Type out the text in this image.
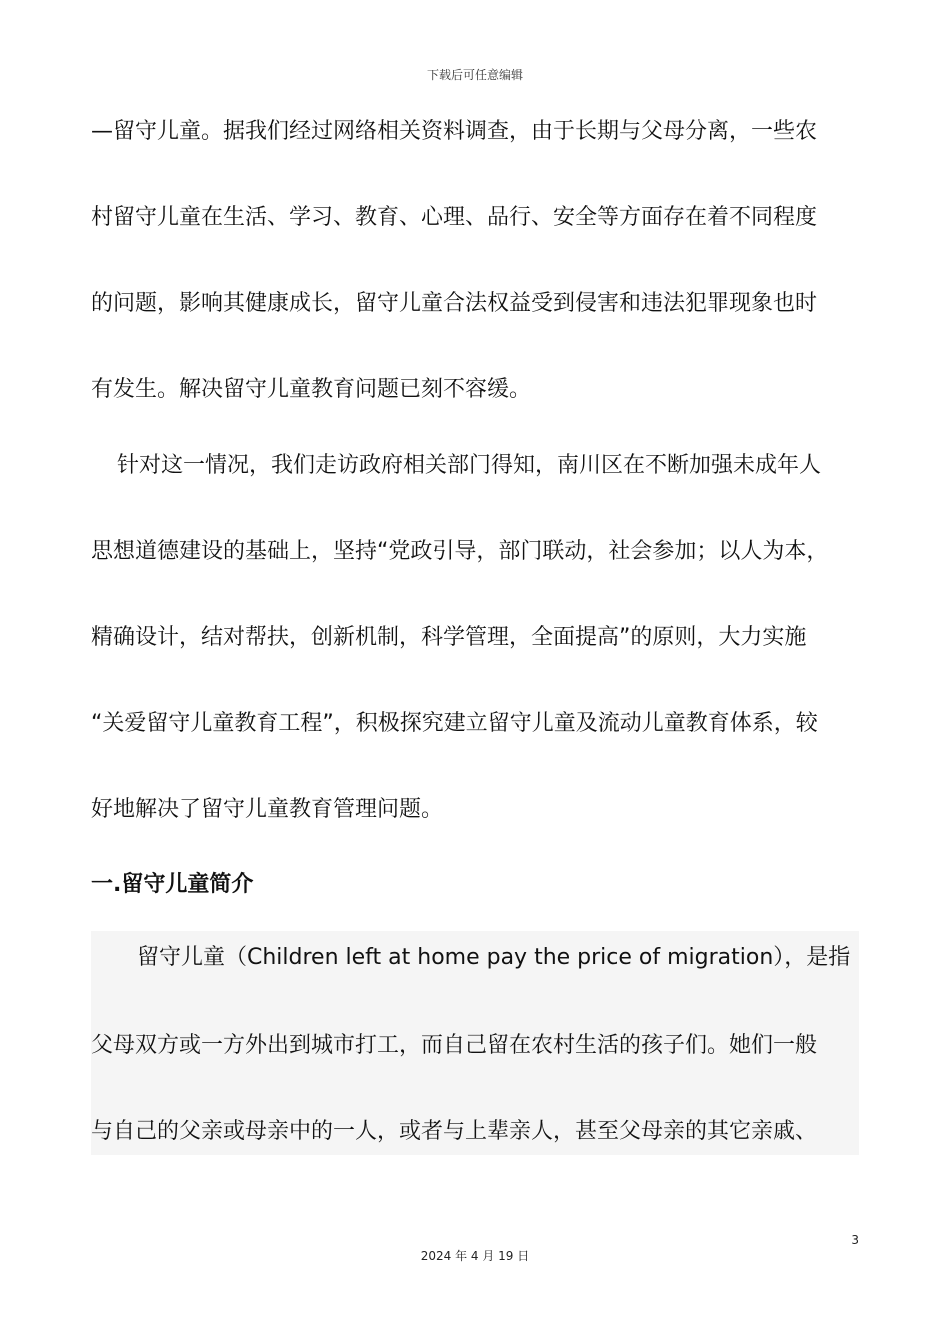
下载后可任意编辑
—留守儿童。据我们经过网络相关资料调查，由于长期与父母分离，一些农
村留守儿童在生活、学习、教育、心理、品行、安全等方面存在着不同程度
的问题，影响其健康成长，留守儿童合法权益受到侵害和违法犯罪现象也时
有发生。解决留守儿童教育问题已刻不容缓。
针对这一情况，我们走访政府相关部门得知，南川区在不断加强未成年人
思想道德建设的基础上，坚持“党政引导，部门联动，社会参加；以人为本，
精确设计，结对帮扶，创新机制，科学管理，全面提高”的原则，大力实施
“关爱留守儿童教育工程”，积极探究建立留守儿童及流动儿童教育体系，较
好地解决了留守儿童教育管理问题。
一.留守儿童简介
留守儿童（Children left at home pay the price of migration），是指
父母双方或一方外出到城市打工，而自己留在农村生活的孩子们。她们一般
与自己的父亲或母亲中的一人，或者与上辈亲人，甚至父母亲的其它亲戚、
3
2024 年 4 月 19 日
